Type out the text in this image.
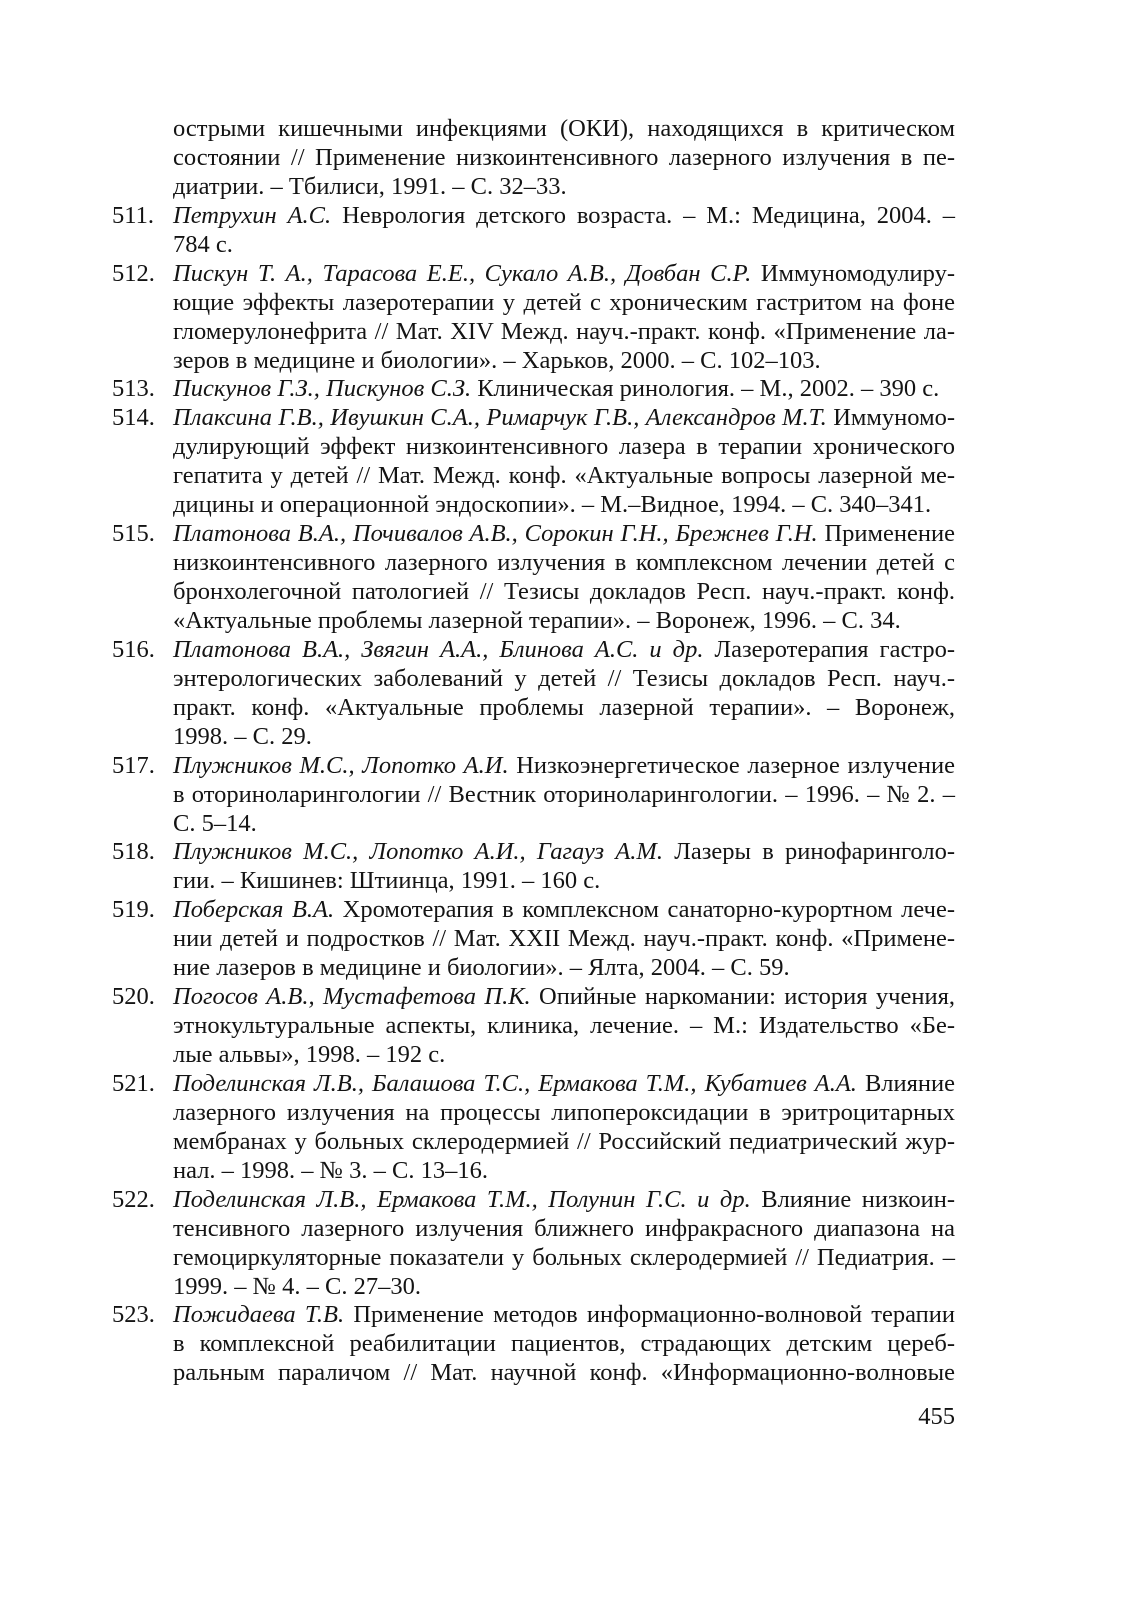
острыми кишечными инфекциями (ОКИ), находящихся в критическом
состоянии // Применение низкоинтенсивного лазерного излучения в пе-
диатрии. – Тбилиси, 1991. – С. 32–33.
511. Петрухин А.С. Неврология детского возраста. – М.: Медицина, 2004. –
784 с.
512. Пискун Т. А., Тарасова Е.Е., Сукало А.В., Довбан С.Р. Иммуномодулиру-
ющие эффекты лазеротерапии у детей с хроническим гастритом на фоне
гломерулонефрита // Мат. XIV Межд. науч.-практ. конф. «Применение ла-
зеров в медицине и биологии». – Харьков, 2000. – С. 102–103.
513. Пискунов Г.З., Пискунов С.З. Клиническая ринология. – М., 2002. – 390 с.
514. Плаксина Г.В., Ивушкин С.А., Римарчук Г.В., Александров М.Т. Иммуномо-
дулирующий эффект низкоинтенсивного лазера в терапии хронического
гепатита у детей // Мат. Межд. конф. «Актуальные вопросы лазерной ме-
дицины и операционной эндоскопии». – М.–Видное, 1994. – С. 340–341.
515. Платонова В.А., Почивалов А.В., Сорокин Г.Н., Брежнев Г.Н. Применение
низкоинтенсивного лазерного излучения в комплексном лечении детей с
бронхолегочной патологией // Тезисы докладов Респ. науч.-практ. конф.
«Актуальные проблемы лазерной терапии». – Воронеж, 1996. – С. 34.
516. Платонова В.А., Звягин А.А., Блинова А.С. и др. Лазеротерапия гастро-
энтерологических заболеваний у детей // Тезисы докладов Респ. науч.-
практ. конф. «Актуальные проблемы лазерной терапии». – Воронеж,
1998. – С. 29.
517. Плужников М.С., Лопотко А.И. Низкоэнергетическое лазерное излучение
в оториноларингологии // Вестник оториноларингологии. – 1996. – № 2. –
С. 5–14.
518. Плужников М.С., Лопотко А.И., Гагауз А.М. Лазеры в ринофаринголо-
гии. – Кишинев: Штиинца, 1991. – 160 с.
519. Поберская В.А. Хромотерапия в комплексном санаторно-курортном лече-
нии детей и подростков // Мат. XXII Межд. науч.-практ. конф. «Примене-
ние лазеров в медицине и биологии». – Ялта, 2004. – С. 59.
520. Погосов А.В., Мустафетова П.К. Опийные наркомании: история учения,
этнокультуральные аспекты, клиника, лечение. – М.: Издательство «Бе-
лые альвы», 1998. – 192 с.
521. Поделинская Л.В., Балашова Т.С., Ермакова Т.М., Кубатиев А.А. Влияние
лазерного излучения на процессы липопероксидации в эритроцитарных
мембранах у больных склеродермией // Российский педиатрический жур-
нал. – 1998. – № 3. – С. 13–16.
522. Поделинская Л.В., Ермакова Т.М., Полунин Г.С. и др. Влияние низкоин-
тенсивного лазерного излучения ближнего инфракрасного диапазона на
гемоциркуляторные показатели у больных склеродермией // Педиатрия. –
1999. – № 4. – С. 27–30.
523. Пожидаева Т.В. Применение методов информационно-волновой терапии
в комплексной реабилитации пациентов, страдающих детским цереб-
ральным параличом // Мат. научной конф. «Информационно-волновые
455
